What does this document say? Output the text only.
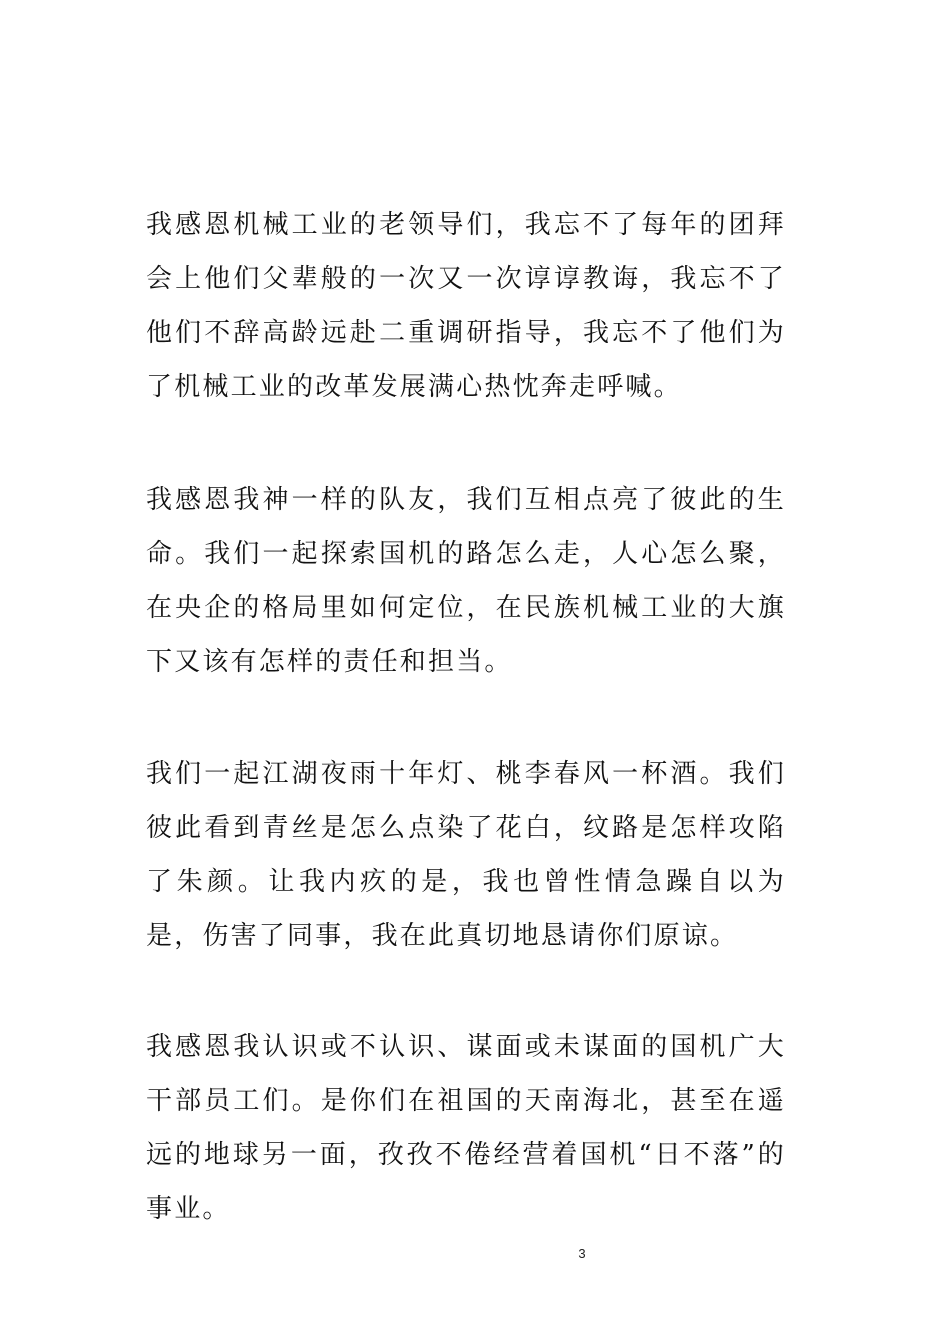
我感恩机械工业的老领导们，我忘不了每年的团拜会上他们父辈般的一次又一次谆谆教诲，我忘不了他们不辞高龄远赴二重调研指导，我忘不了他们为了机械工业的改革发展满心热忱奔走呼喊。

我感恩我神一样的队友，我们互相点亮了彼此的生命。我们一起探索国机的路怎么走，人心怎么聚，在央企的格局里如何定位，在民族机械工业的大旗下又该有怎样的责任和担当。

我们一起江湖夜雨十年灯、桃李春风一杯酒。我们彼此看到青丝是怎么点染了花白，纹路是怎样攻陷了朱颜。让我内疚的是，我也曾性情急躁自以为是，伤害了同事，我在此真切地恳请你们原谅。

我感恩我认识或不认识、谋面或未谋面的国机广大干部员工们。是你们在祖国的天南海北，甚至在遥远的地球另一面，孜孜不倦经营着国机“日不落”的事业。

3
